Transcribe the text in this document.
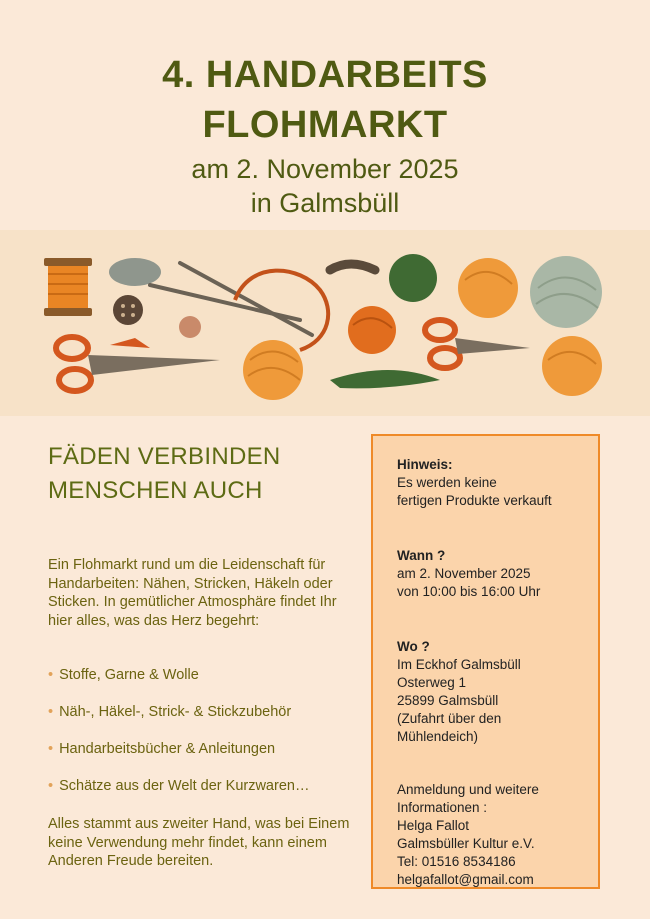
4. HANDARBEITS
FLOHMARKT
am 2. November 2025
in Galmsbüll
FÄDEN VERBINDEN
MENSCHEN AUCH
Ein Flohmarkt rund um die Leidenschaft für Handarbeiten: Nähen, Stricken, Häkeln oder Sticken. In gemütlicher Atmosphäre findet Ihr hier alles, was das Herz begehrt:
• Stoffe, Garne & Wolle
• Näh-, Häkel-, Strick- & Stickzubehör
• Handarbeitsbücher & Anleitungen
• Schätze aus der Welt der Kurzwaren…
Alles stammt aus zweiter Hand, was bei Einem keine Verwendung mehr findet, kann einem Anderen Freude bereiten.
Hinweis:
Es werden keine
fertigen Produkte verkauft
Wann ?
am 2. November 2025
von 10:00 bis 16:00 Uhr
Wo ?
Im Eckhof Galmsbüll
Osterweg 1
25899 Galmsbüll
(Zufahrt über den
Mühlendeich)
Anmeldung und weitere
Informationen :
Helga Fallot
Galmsbüller Kultur e.V.
Tel: 01516 8534186
helgafallot@gmail.com
